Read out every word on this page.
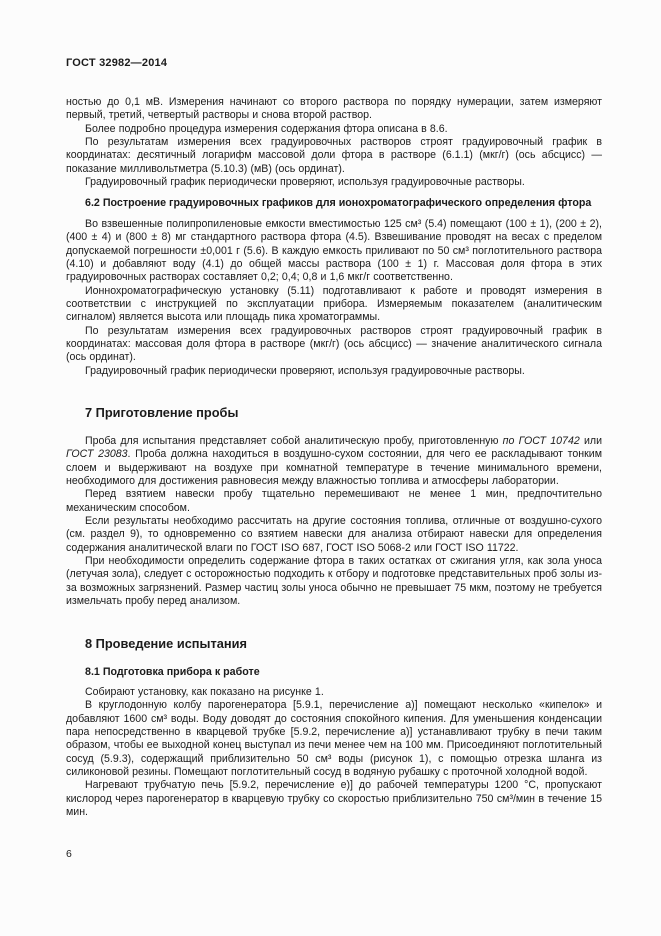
ГОСТ 32982—2014

ностью до 0,1 мВ. Измерения начинают со второго раствора по порядку нумерации, затем измеряют первый, третий, четвертый растворы и снова второй раствор.

Более подробно процедура измерения содержания фтора описана в 8.6.

По результатам измерения всех градуировочных растворов строят градуировочный график в координатах: десятичный логарифм массовой доли фтора в растворе (6.1.1) (мкг/г) (ось абсцисс) — показание милливольтметра (5.10.3) (мВ) (ось ординат).

Градуировочный график периодически проверяют, используя градуировочные растворы.

6.2 Построение градуировочных графиков для ионохроматографического определения фтора

Во взвешенные полипропиленовые емкости вместимостью 125 см³ (5.4) помещают (100 ± 1), (200 ± 2), (400 ± 4) и (800 ± 8) мг стандартного раствора фтора (4.5). Взвешивание проводят на весах с пределом допускаемой погрешности ±0,001 г (5.6). В каждую емкость приливают по 50 см³ поглотительного раствора (4.10) и добавляют воду (4.1) до общей массы раствора (100 ± 1) г. Массовая доля фтора в этих градуировочных растворах составляет 0,2; 0,4; 0,8 и 1,6 мкг/г соответственно.

Ионнохроматографическую установку (5.11) подготавливают к работе и проводят измерения в соответствии с инструкцией по эксплуатации прибора. Измеряемым показателем (аналитическим сигналом) является высота или площадь пика хроматограммы.

По результатам измерения всех градуировочных растворов строят градуировочный график в координатах: массовая доля фтора в растворе (мкг/г) (ось абсцисс) — значение аналитического сигнала (ось ординат).

Градуировочный график периодически проверяют, используя градуировочные растворы.

7 Приготовление пробы

Проба для испытания представляет собой аналитическую пробу, приготовленную по ГОСТ 10742 или ГОСТ 23083. Проба должна находиться в воздушно-сухом состоянии, для чего ее раскладывают тонким слоем и выдерживают на воздухе при комнатной температуре в течение минимального времени, необходимого для достижения равновесия между влажностью топлива и атмосферы лаборатории.

Перед взятием навески пробу тщательно перемешивают не менее 1 мин, предпочтительно механическим способом.

Если результаты необходимо рассчитать на другие состояния топлива, отличные от воздушно-сухого (см. раздел 9), то одновременно со взятием навески для анализа отбирают навески для определения содержания аналитической влаги по ГОСТ ISO 687, ГОСТ ISO 5068-2 или ГОСТ ISO 11722.

При необходимости определить содержание фтора в таких остатках от сжигания угля, как зола уноса (летучая зола), следует с осторожностью подходить к отбору и подготовке представительных проб золы из-за возможных загрязнений. Размер частиц золы уноса обычно не превышает 75 мкм, поэтому не требуется измельчать пробу перед анализом.

8 Проведение испытания
8.1 Подготовка прибора к работе

Собирают установку, как показано на рисунке 1.

В круглодонную колбу парогенератора [5.9.1, перечисление а)] помещают несколько «кипелок» и добавляют 1600 см³ воды. Воду доводят до состояния спокойного кипения. Для уменьшения конденсации пара непосредственно в кварцевой трубке [5.9.2, перечисление а)] устанавливают трубку в печи таким образом, чтобы ее выходной конец выступал из печи менее чем на 100 мм. Присоединяют поглотительный сосуд (5.9.3), содержащий приблизительно 50 см³ воды (рисунок 1), с помощью отрезка шланга из силиконовой резины. Помещают поглотительный сосуд в водяную рубашку с проточной холодной водой.

Нагревают трубчатую печь [5.9.2, перечисление е)] до рабочей температуры 1200 °С, пропускают кислород через парогенератор в кварцевую трубку со скоростью приблизительно 750 см³/мин в течение 15 мин.

6
